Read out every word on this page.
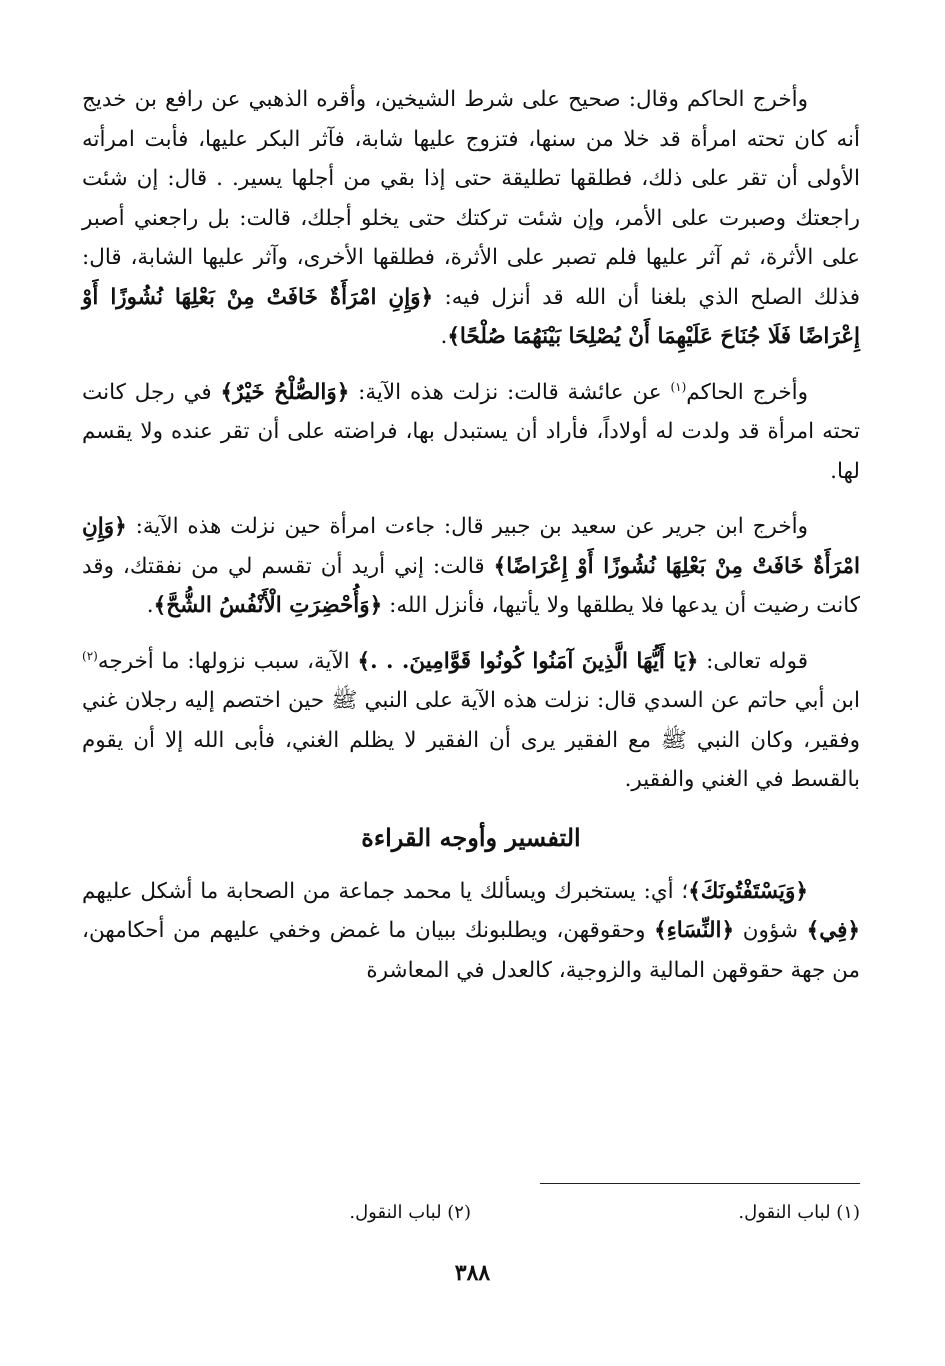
وأخرج الحاكم وقال: صحيح على شرط الشيخين، وأقره الذهبي عن رافع بن خديج أنه كان تحته امرأة قد خلا من سنها، فتزوج عليها شابة، فآثر البكر عليها، فأبت امرأته الأولى أن تقر على ذلك، فطلقها تطليقة حتى إذا بقي من أجلها يسير. . قال: إن شئت راجعتك وصبرت على الأمر، وإن شئت تركتك حتى يخلو أجلك، قالت: بل راجعني أصبر على الأثرة، ثم آثر عليها فلم تصبر على الأثرة، فطلقها الأخرى، وآثر عليها الشابة، قال: فذلك الصلح الذي بلغنا أن الله قد أنزل فيه: ﴿وَإِنِ امْرَأَةٌ خَافَتْ مِنْ بَعْلِهَا نُشُوزًا أَوْ إِعْرَاضًا فَلَا جُنَاحَ عَلَيْهِمَا أَنْ يُصْلِحَا بَيْنَهُمَا صُلْحًا﴾.

وأخرج الحاكم$^{(١)}$ عن عائشة قالت: نزلت هذه الآية: ﴿وَالصُّلْحُ خَيْرٌ﴾ في رجل كانت تحته امرأة قد ولدت له أولاداً، فأراد أن يستبدل بها، فراضته على أن تقر عنده ولا يقسم لها.

وأخرج ابن جرير عن سعيد بن جبير قال: جاءت امرأة حين نزلت هذه الآية: ﴿وَإِنِ امْرَأَةٌ خَافَتْ مِنْ بَعْلِهَا نُشُوزًا أَوْ إِعْرَاضًا﴾ قالت: إني أريد أن تقسم لي من نفقتك، وقد كانت رضيت أن يدعها فلا يطلقها ولا يأتيها، فأنزل الله: ﴿وَأُحْضِرَتِ الْأَنْفُسُ الشُّحَّ﴾.

قوله تعالى: ﴿يَا أَيُّهَا الَّذِينَ آمَنُوا كُونُوا قَوَّامِينَ. . .﴾ الآية، سبب نزولها: ما أخرجه$^{(٢)}$ ابن أبي حاتم عن السدي قال: نزلت هذه الآية على النبي ﷺ حين اختصم إليه رجلان غني وفقير، وكان النبي ﷺ مع الفقير يرى أن الفقير لا يظلم الغني، فأبى الله إلا أن يقوم بالقسط في الغني والفقير.

التفسير وأوجه القراءة

﴿وَيَسْتَفْتُونَكَ﴾؛ أي: يستخبرك ويسألك يا محمد جماعة من الصحابة ما أشكل عليهم ﴿فِي﴾ شؤون ﴿النِّسَاءِ﴾ وحقوقهن، ويطلبونك ببيان ما غمض وخفي عليهم من أحكامهن، من جهة حقوقهن المالية والزوجية، كالعدل في المعاشرة

(١) لباب النقول.
(٢) لباب النقول.
٣٨٨
